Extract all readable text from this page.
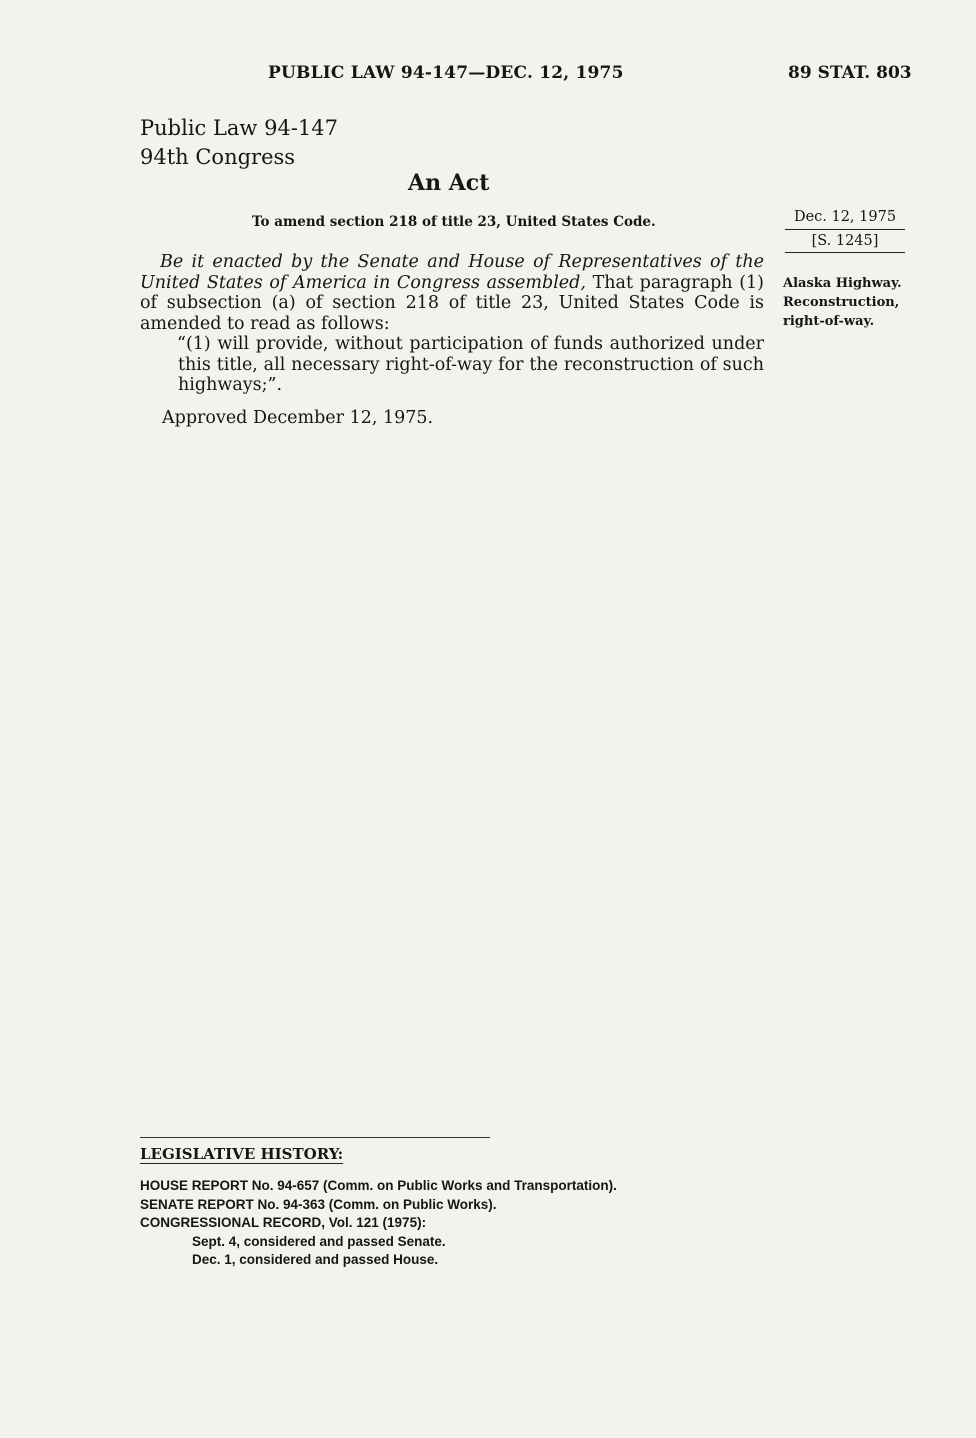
PUBLIC LAW 94-147—DEC. 12, 1975	89 STAT. 803
Public Law 94-147
94th Congress
An Act
To amend section 218 of title 23, United States Code.	Dec. 12, 1975
[S. 1245]
Alaska Highway.
Reconstruction,
right-of-way.

Be it enacted by the Senate and House of Representatives of the United States of America in Congress assembled, That paragraph (1) of subsection (a) of section 218 of title 23, United States Code is amended to read as follows:

“(1) will provide, without participation of funds authorized under this title, all necessary right-of-way for the reconstruction of such highways;”.

Approved December 12, 1975.
LEGISLATIVE HISTORY:
HOUSE REPORT No. 94-657 (Comm. on Public Works and Transportation).
SENATE REPORT No. 94-363 (Comm. on Public Works).
CONGRESSIONAL RECORD, Vol. 121 (1975):
Sept. 4, considered and passed Senate.
Dec. 1, considered and passed House.
